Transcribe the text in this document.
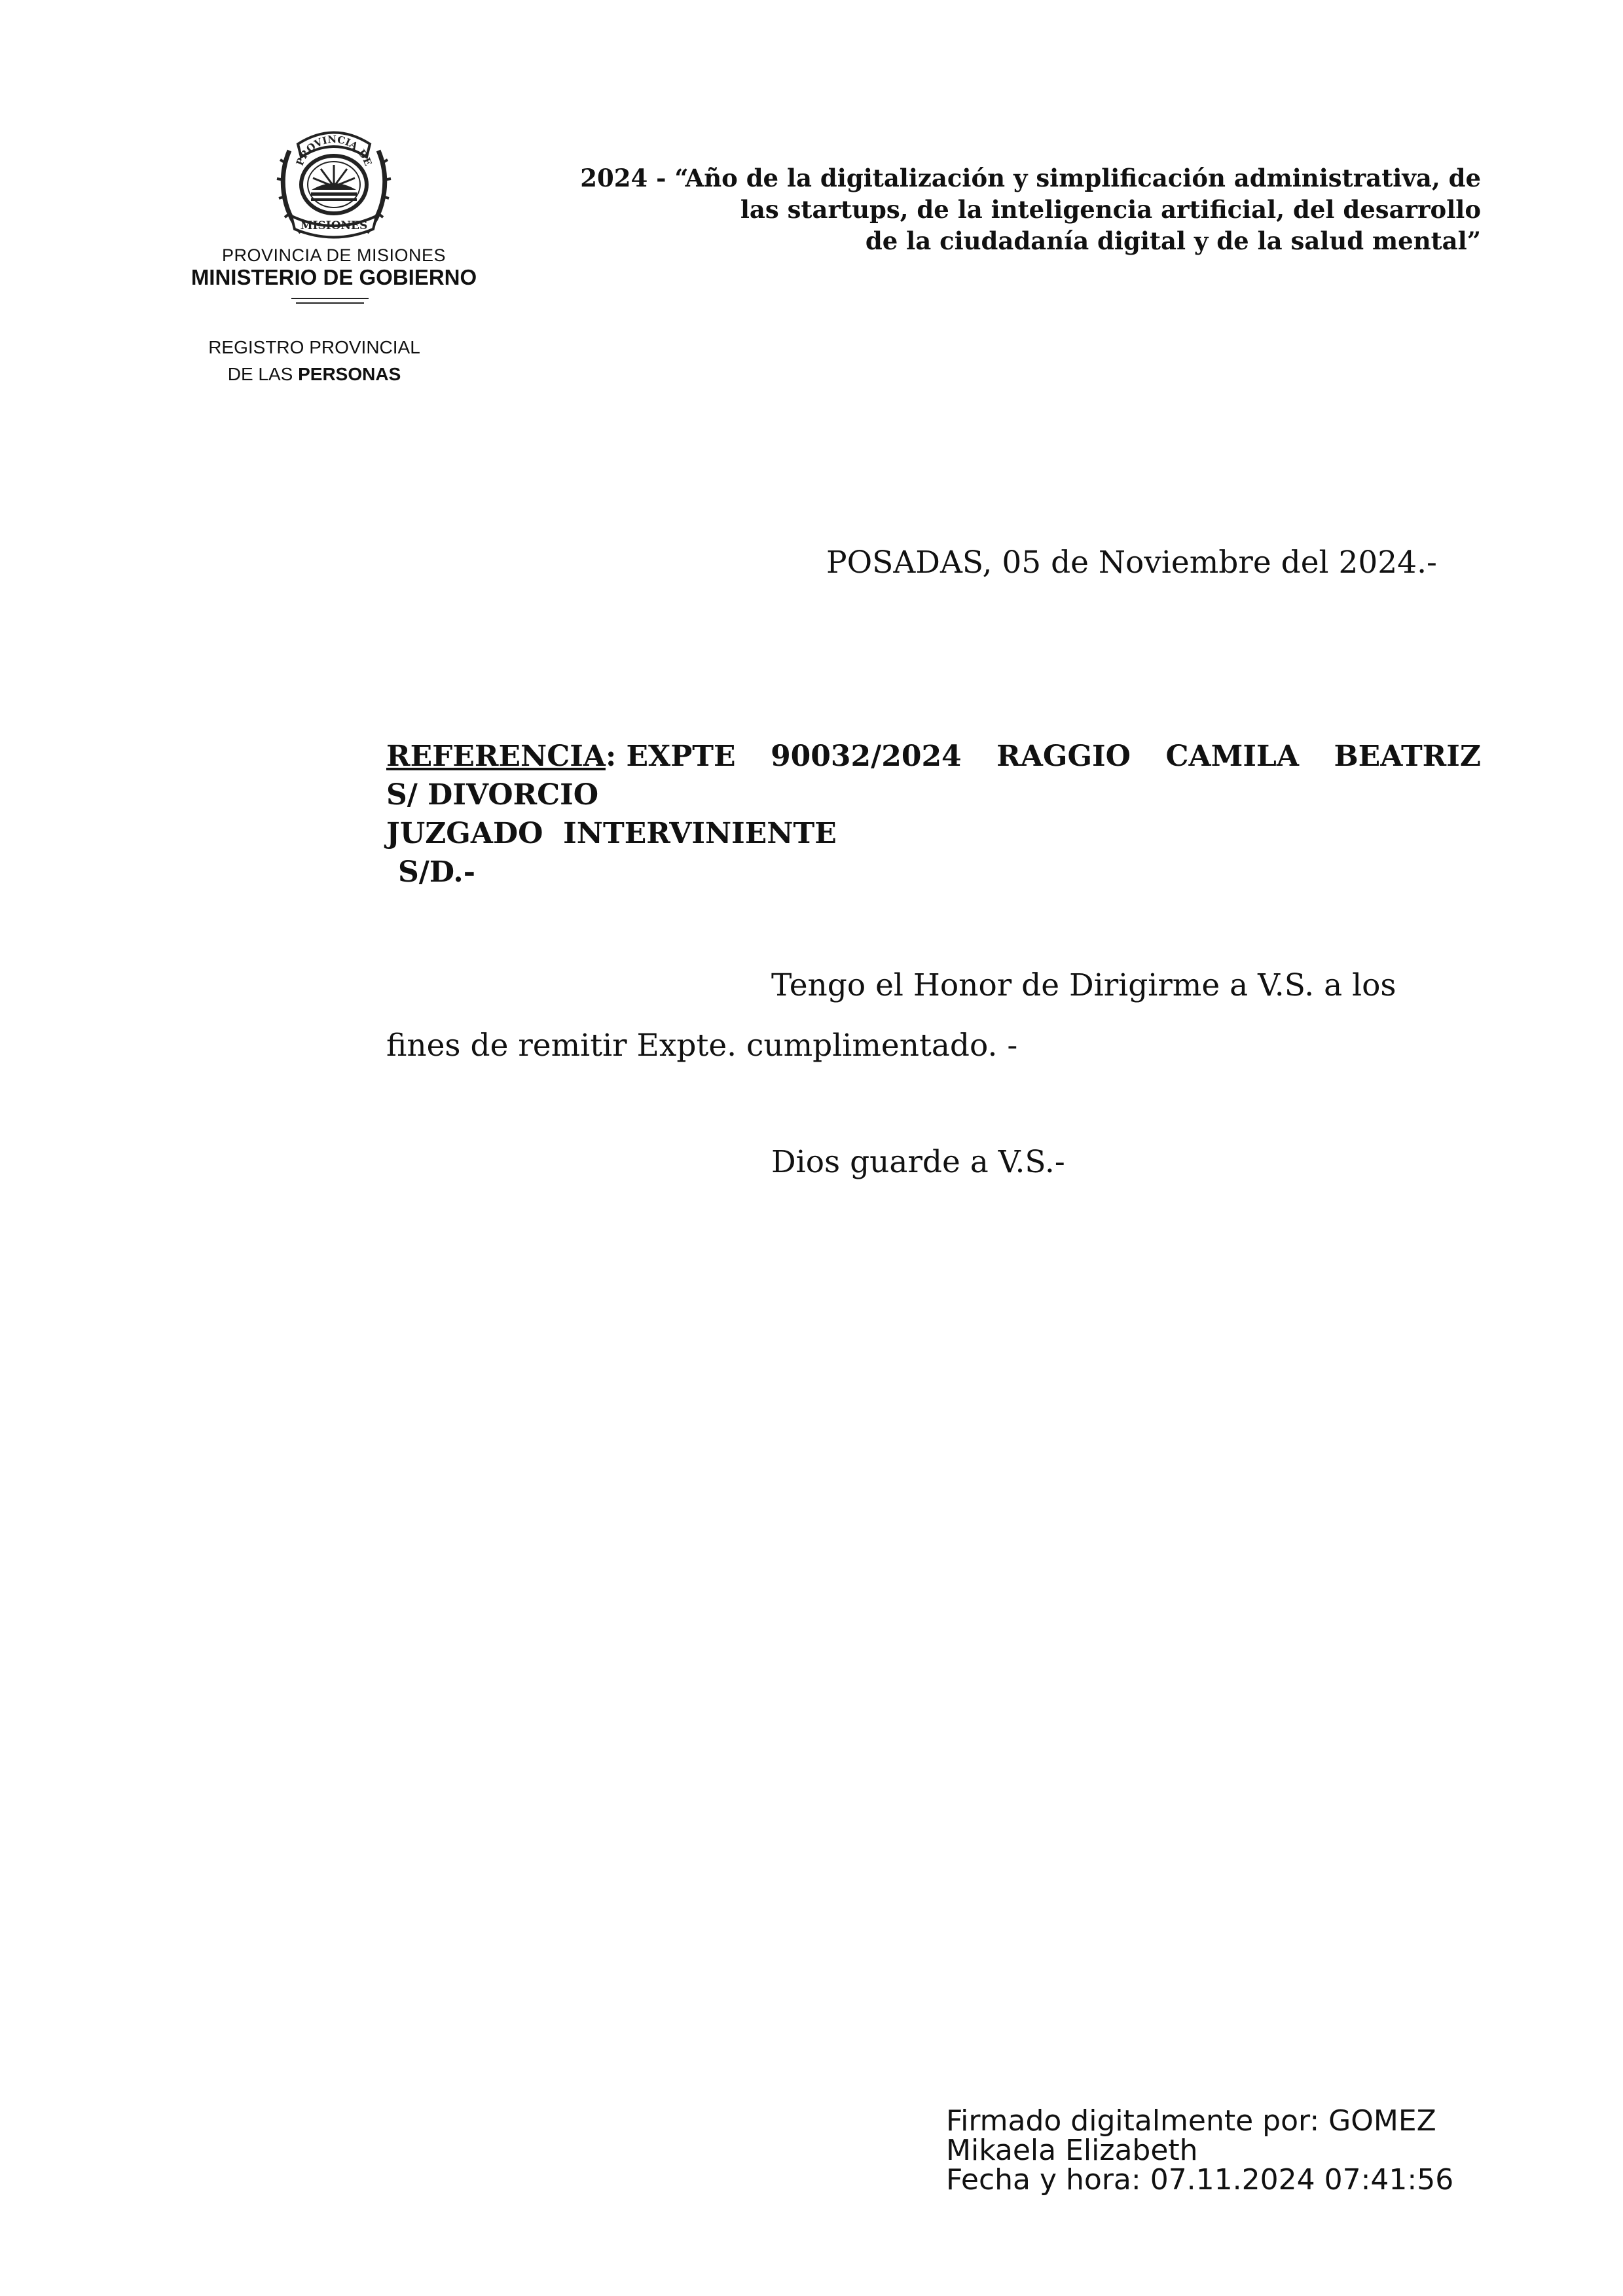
PROVINCIA DE
MISIONES
PROVINCIA DE MISIONES
MINISTERIO DE GOBIERNO
REGISTRO PROVINCIAL
DE LAS PERSONAS
2024 - “Año de la digitalización y simplificación administrativa, de
las startups, de la inteligencia artificial, del desarrollo
de la ciudadanía digital y de la salud mental”
POSADAS, 05 de Noviembre del 2024.-
REFERENCIA: EXPTE 90032/2024 RAGGIO CAMILA BEATRIZ
S/ DIVORCIO
JUZGADO  INTERVINIENTE
S/D.-
Tengo el Honor de Dirigirme a V.S. a los
fines de remitir Expte. cumplimentado. -
Dios guarde a V.S.-
Firmado digitalmente por: GOMEZ
Mikaela Elizabeth
Fecha y hora: 07.11.2024 07:41:56
